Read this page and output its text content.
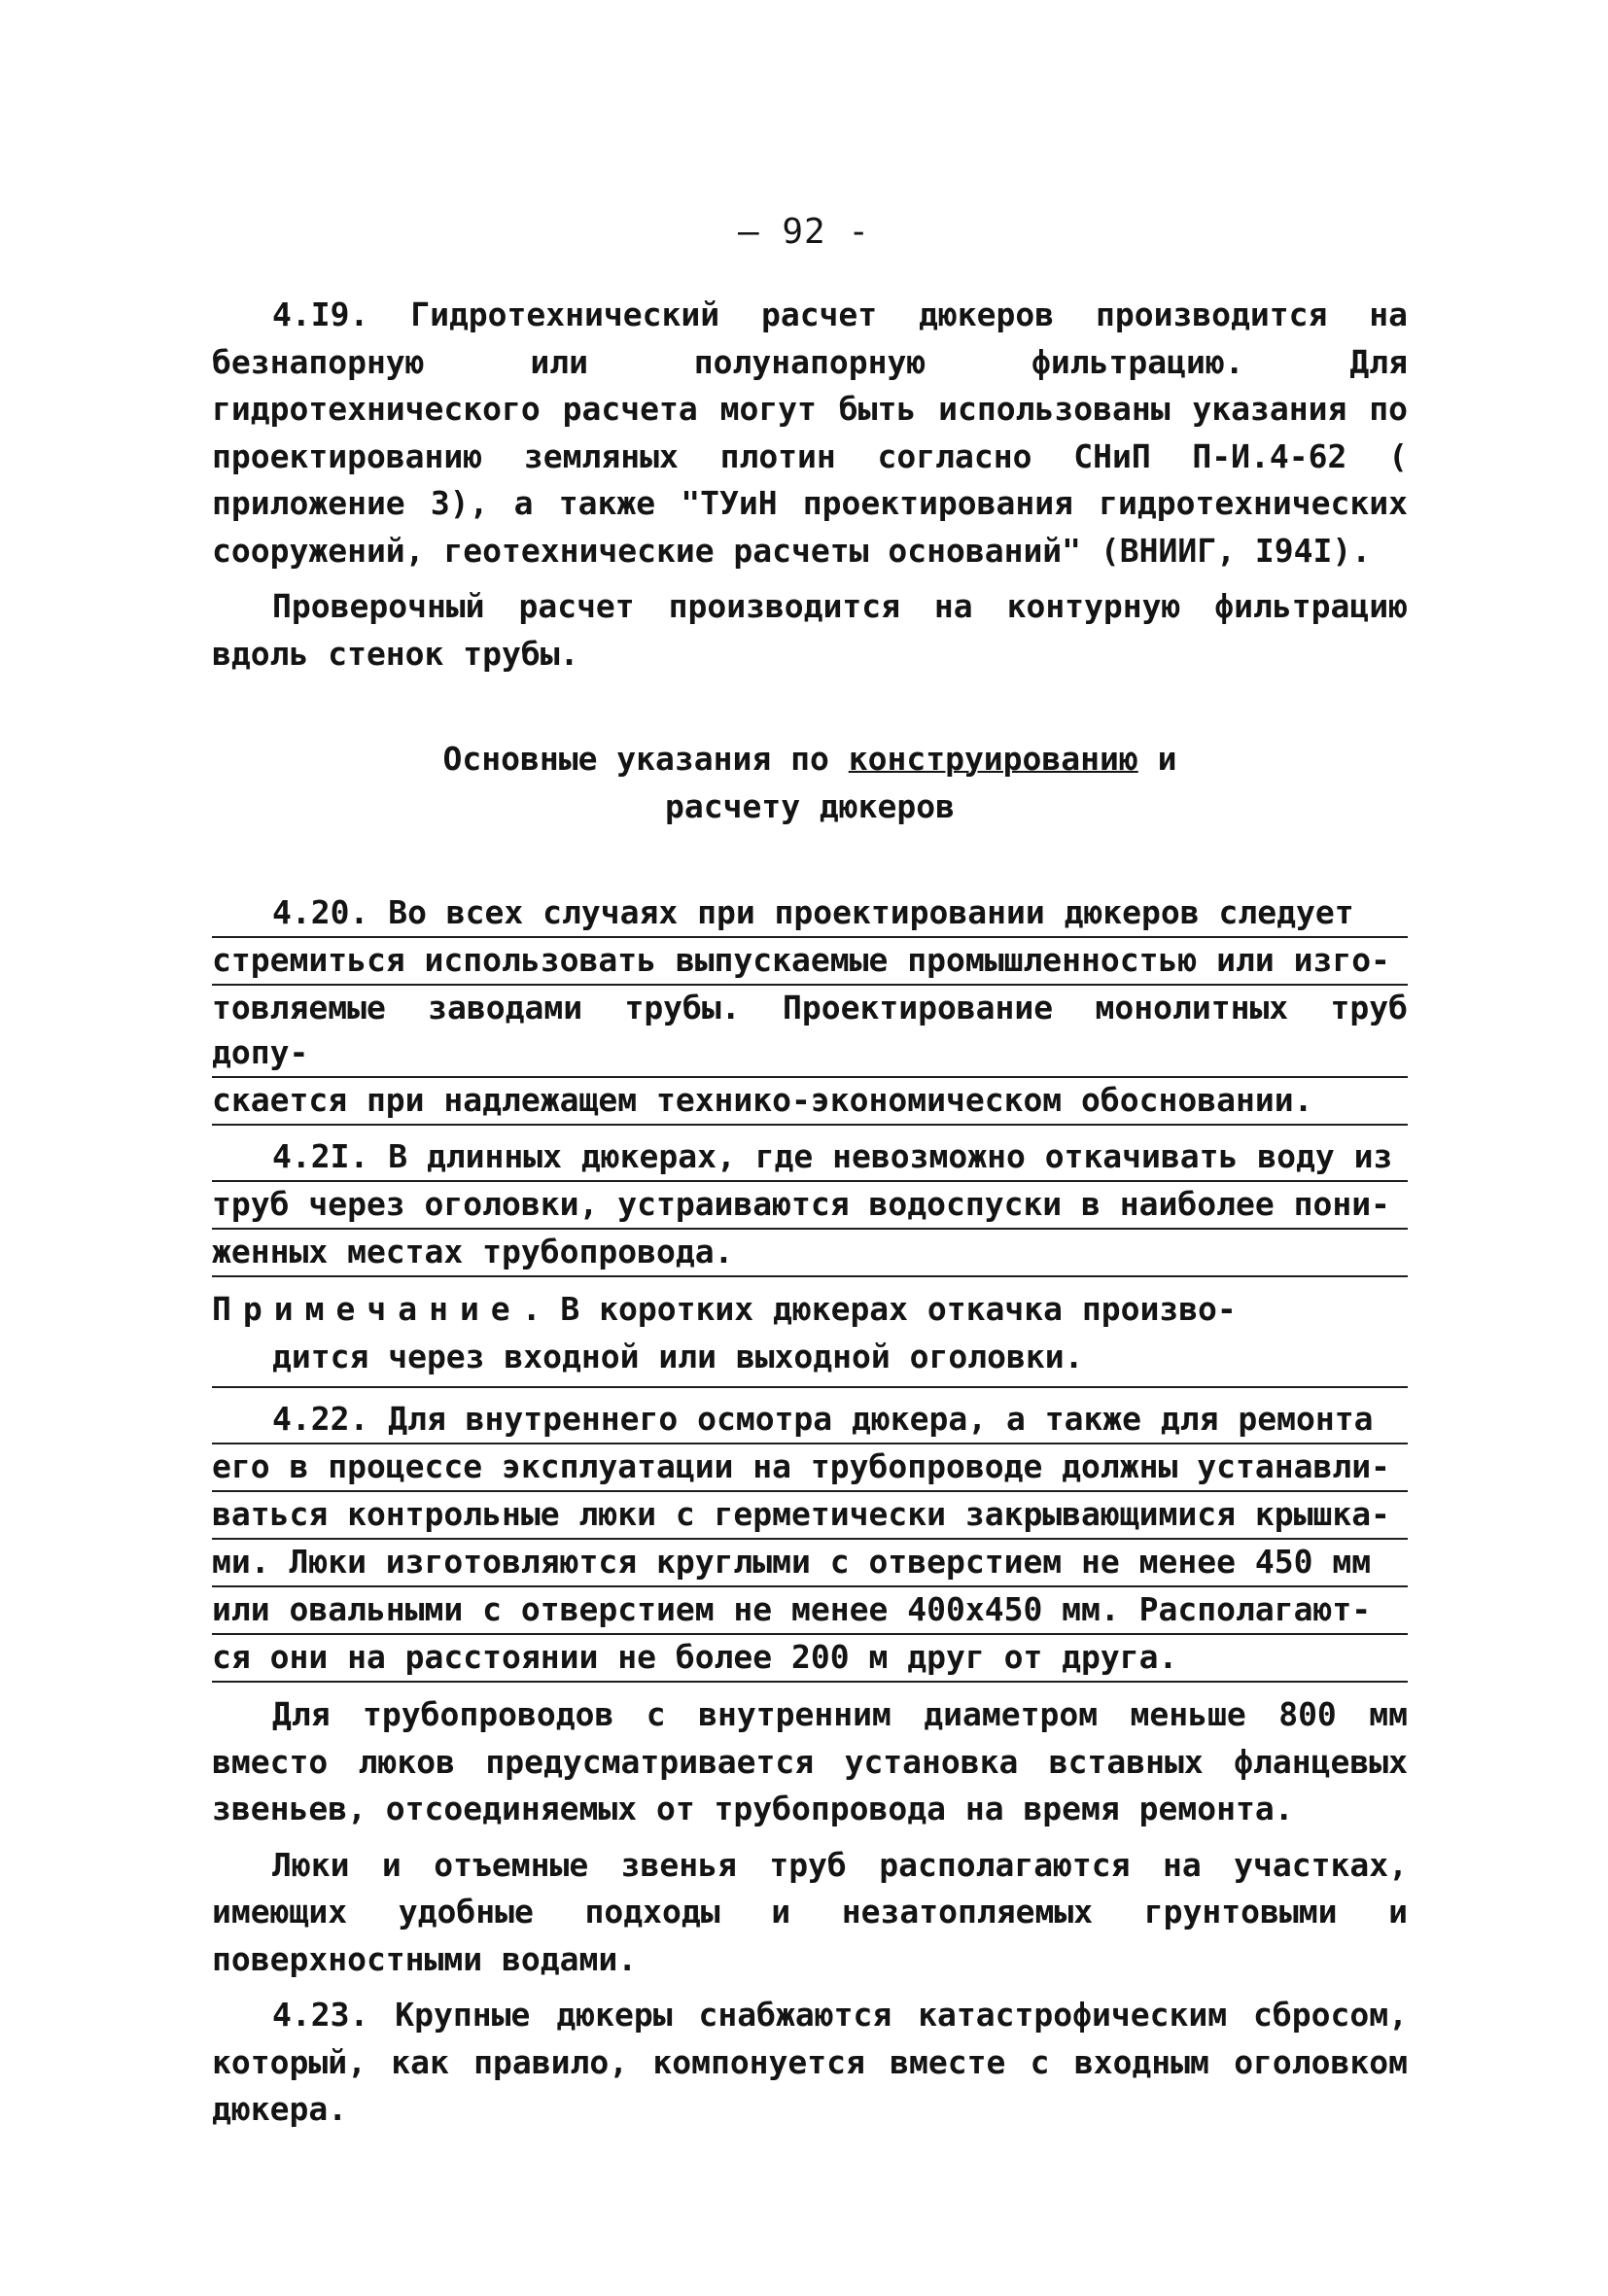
— 92 -

4.I9. Гидротехнический расчет дюкеров производится на безнапорную или полунапорную фильтрацию. Для гидротехнического расчета могут быть использованы указания по проектированию земляных плотин согласно СНиП П-И.4-62 ( приложение 3), а также "ТУиН проектирования гидротехнических сооружений, геотехнические расчеты оснований" (ВНИИГ, I94I).

Проверочный расчет производится на контурную фильтрацию вдоль стенок трубы.

Основные указания по конструированию и
расчету дюкеров
4.20. Во всех случаях при проектировании дюкеров следует
стремиться использовать выпускаемые промышленностью или изго-
товляемые заводами трубы. Проектирование монолитных труб допу-
скается при надлежащем технико-экономическом обосновании.
4.2I. В длинных дюкерах, где невозможно откачивать воду из
труб через оголовки, устраиваются водоспуски в наиболее пони-
женных местах трубопровода.
Примечание. В коротких дюкерах откачка произво-
дится через входной или выходной оголовки.
4.22. Для внутреннего осмотра дюкера, а также для ремонта
его в процессе эксплуатации на трубопроводе должны устанавли-
ваться контрольные люки с герметически закрывающимися крышка-
ми. Люки изготовляются круглыми с отверстием не менее 450 мм
или овальными с отверстием не менее 400х450 мм. Располагают-
ся они на расстоянии не более 200 м друг от друга.

Для трубопроводов с внутренним диаметром меньше 800 мм вместо люков предусматривается установка вставных фланцевых звеньев, отсоединяемых от трубопровода на время ремонта.

Люки и отъемные звенья труб располагаются на участках, имеющих удобные подходы и незатопляемых грунтовыми и поверхностными водами.

4.23. Крупные дюкеры снабжаются катастрофическим сбросом, который, как правило, компонуется вместе с входным оголовком дюкера.
